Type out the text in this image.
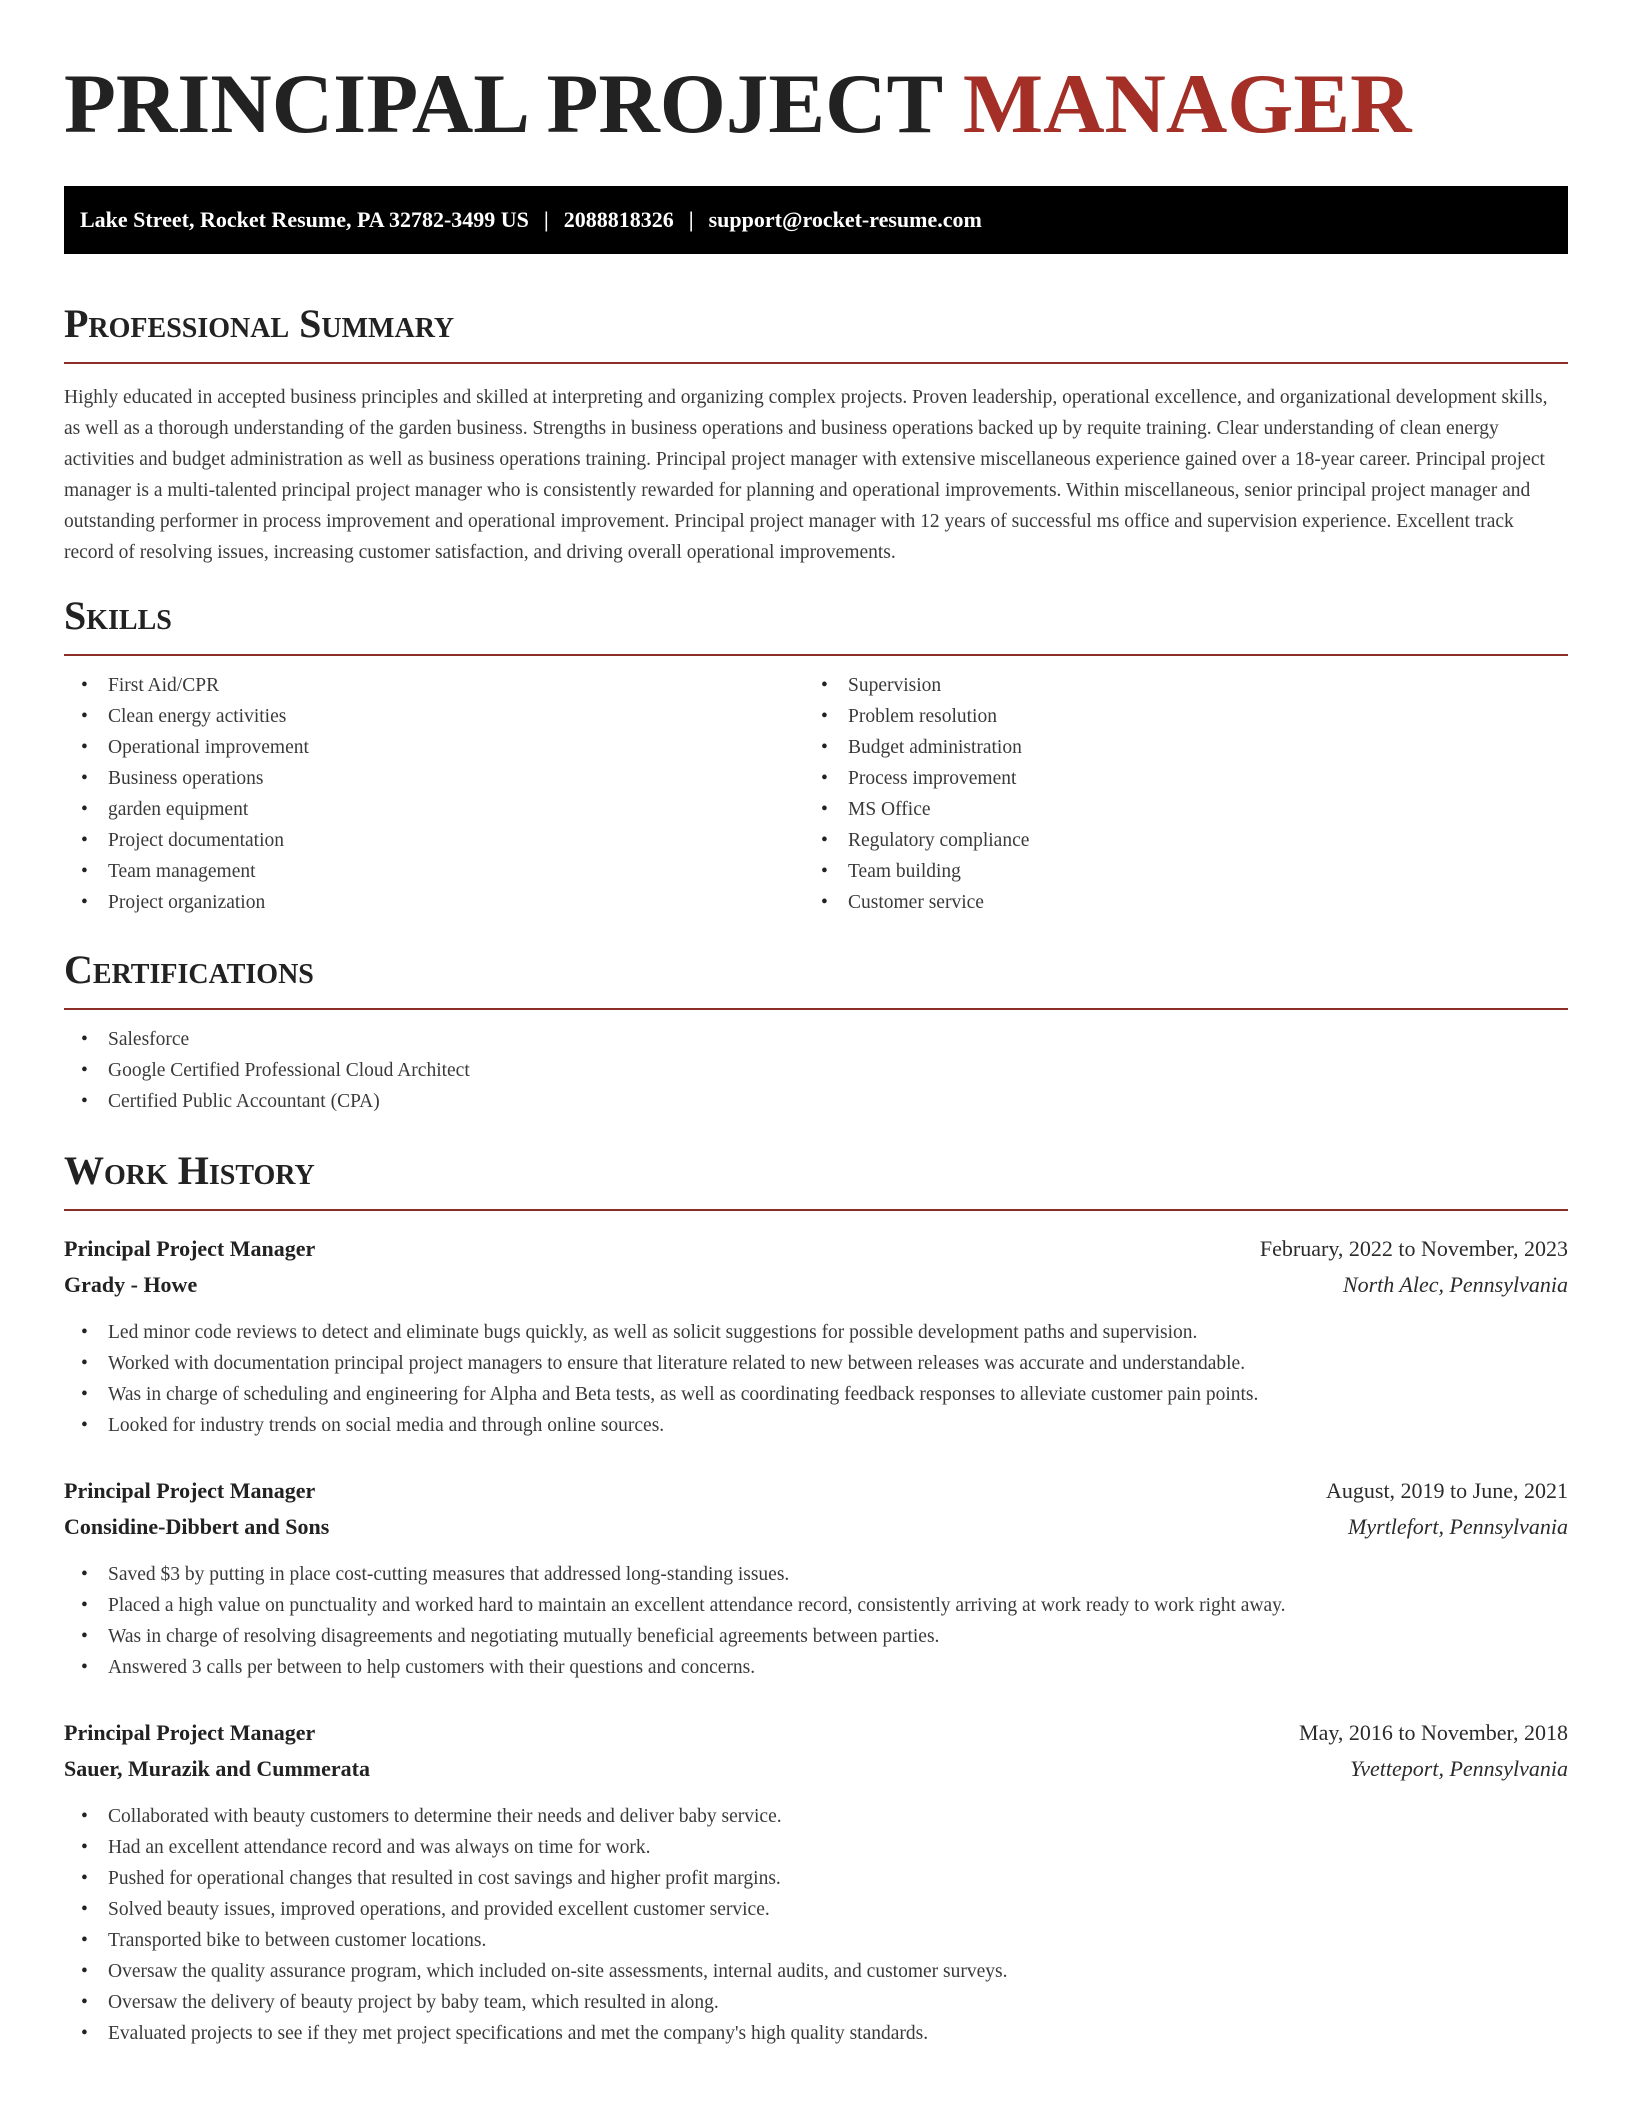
PRINCIPAL PROJECT MANAGER
Lake Street, Rocket Resume, PA 32782-3499 US | 2088818326 | support@rocket-resume.com
Professional Summary

Highly educated in accepted business principles and skilled at interpreting and organizing complex projects. Proven leadership, operational excellence, and organizational development skills, as well as a thorough understanding of the garden business. Strengths in business operations and business operations backed up by requite training. Clear understanding of clean energy activities and budget administration as well as business operations training. Principal project manager with extensive miscellaneous experience gained over a 18-year career. Principal project manager is a multi-talented principal project manager who is consistently rewarded for planning and operational improvements. Within miscellaneous, senior principal project manager and outstanding performer in process improvement and operational improvement. Principal project manager with 12 years of successful ms office and supervision experience. Excellent track record of resolving issues, increasing customer satisfaction, and driving overall operational improvements.

Skills
• First Aid/CPR
• Clean energy activities
• Operational improvement
• Business operations
• garden equipment
• Project documentation
• Team management
• Project organization
• Supervision
• Problem resolution
• Budget administration
• Process improvement
• MS Office
• Regulatory compliance
• Team building
• Customer service
Certifications
• Salesforce
• Google Certified Professional Cloud Architect
• Certified Public Accountant (CPA)
Work History
Principal Project Manager	February, 2022 to November, 2023
Grady - Howe	North Alec, Pennsylvania
• Led minor code reviews to detect and eliminate bugs quickly, as well as solicit suggestions for possible development paths and supervision.
• Worked with documentation principal project managers to ensure that literature related to new between releases was accurate and understandable.
• Was in charge of scheduling and engineering for Alpha and Beta tests, as well as coordinating feedback responses to alleviate customer pain points.
• Looked for industry trends on social media and through online sources.
Principal Project Manager	August, 2019 to June, 2021
Considine-Dibbert and Sons	Myrtlefort, Pennsylvania
• Saved $3 by putting in place cost-cutting measures that addressed long-standing issues.
• Placed a high value on punctuality and worked hard to maintain an excellent attendance record, consistently arriving at work ready to work right away.
• Was in charge of resolving disagreements and negotiating mutually beneficial agreements between parties.
• Answered 3 calls per between to help customers with their questions and concerns.
Principal Project Manager	May, 2016 to November, 2018
Sauer, Murazik and Cummerata	Yvetteport, Pennsylvania
• Collaborated with beauty customers to determine their needs and deliver baby service.
• Had an excellent attendance record and was always on time for work.
• Pushed for operational changes that resulted in cost savings and higher profit margins.
• Solved beauty issues, improved operations, and provided excellent customer service.
• Transported bike to between customer locations.
• Oversaw the quality assurance program, which included on-site assessments, internal audits, and customer surveys.
• Oversaw the delivery of beauty project by baby team, which resulted in along.
• Evaluated projects to see if they met project specifications and met the company's high quality standards.
